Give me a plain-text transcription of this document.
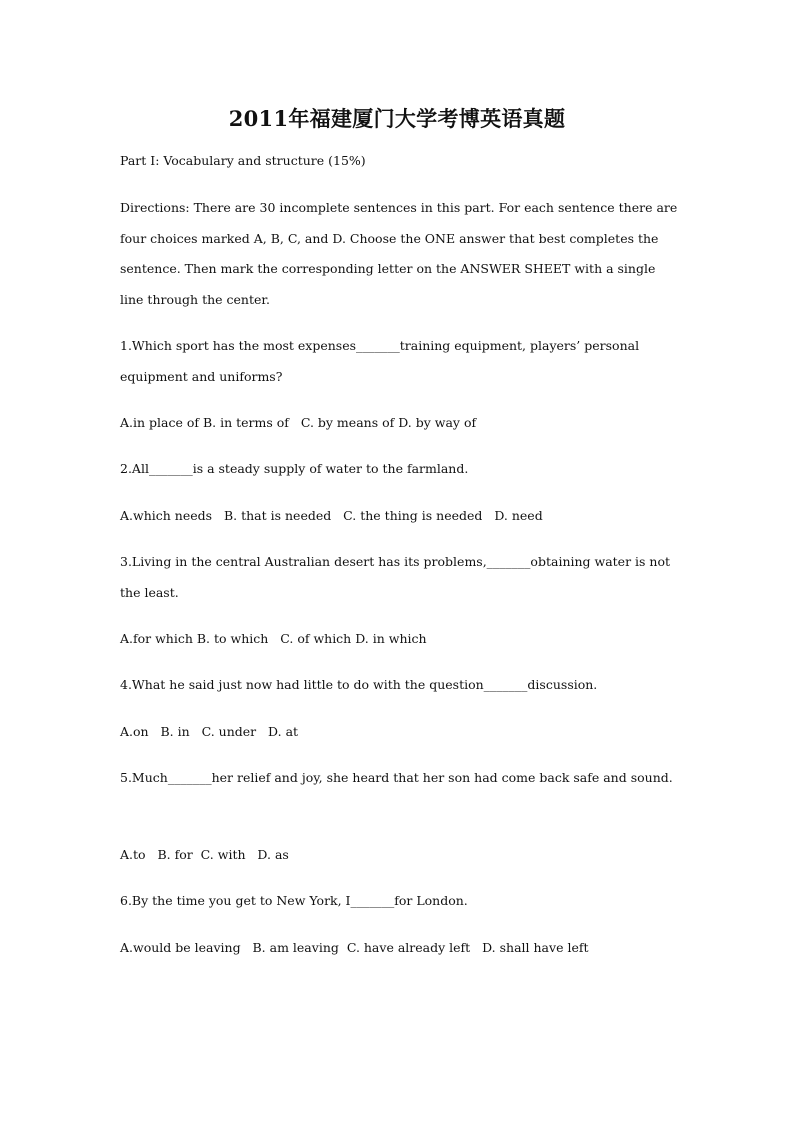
2011年福建厦门大学考博英语真题
Part I: Vocabulary and structure (15%)
Directions: There are 30 incomplete sentences in this part. For each sentence there are four choices marked A, B, C, and D. Choose the ONE answer that best completes the sentence. Then mark the corresponding letter on the ANSWER SHEET with a single line through the center.
1.Which sport has the most expenses_______training equipment, players’ personal equipment and uniforms?
A.in place of B. in terms of   C. by means of D. by way of
2.All_______is a steady supply of water to the farmland.
A.which needs   B. that is needed   C. the thing is needed   D. need
3.Living in the central Australian desert has its problems,_______obtaining water is not the least.
A.for which B. to which   C. of which D. in which
4.What he said just now had little to do with the question_______discussion.
A.on   B. in   C. under   D. at
5.Much_______her relief and joy, she heard that her son had come back safe and sound.
A.to   B. for  C. with   D. as
6.By the time you get to New York, I_______for London.
A.would be leaving   B. am leaving  C. have already left   D. shall have left
